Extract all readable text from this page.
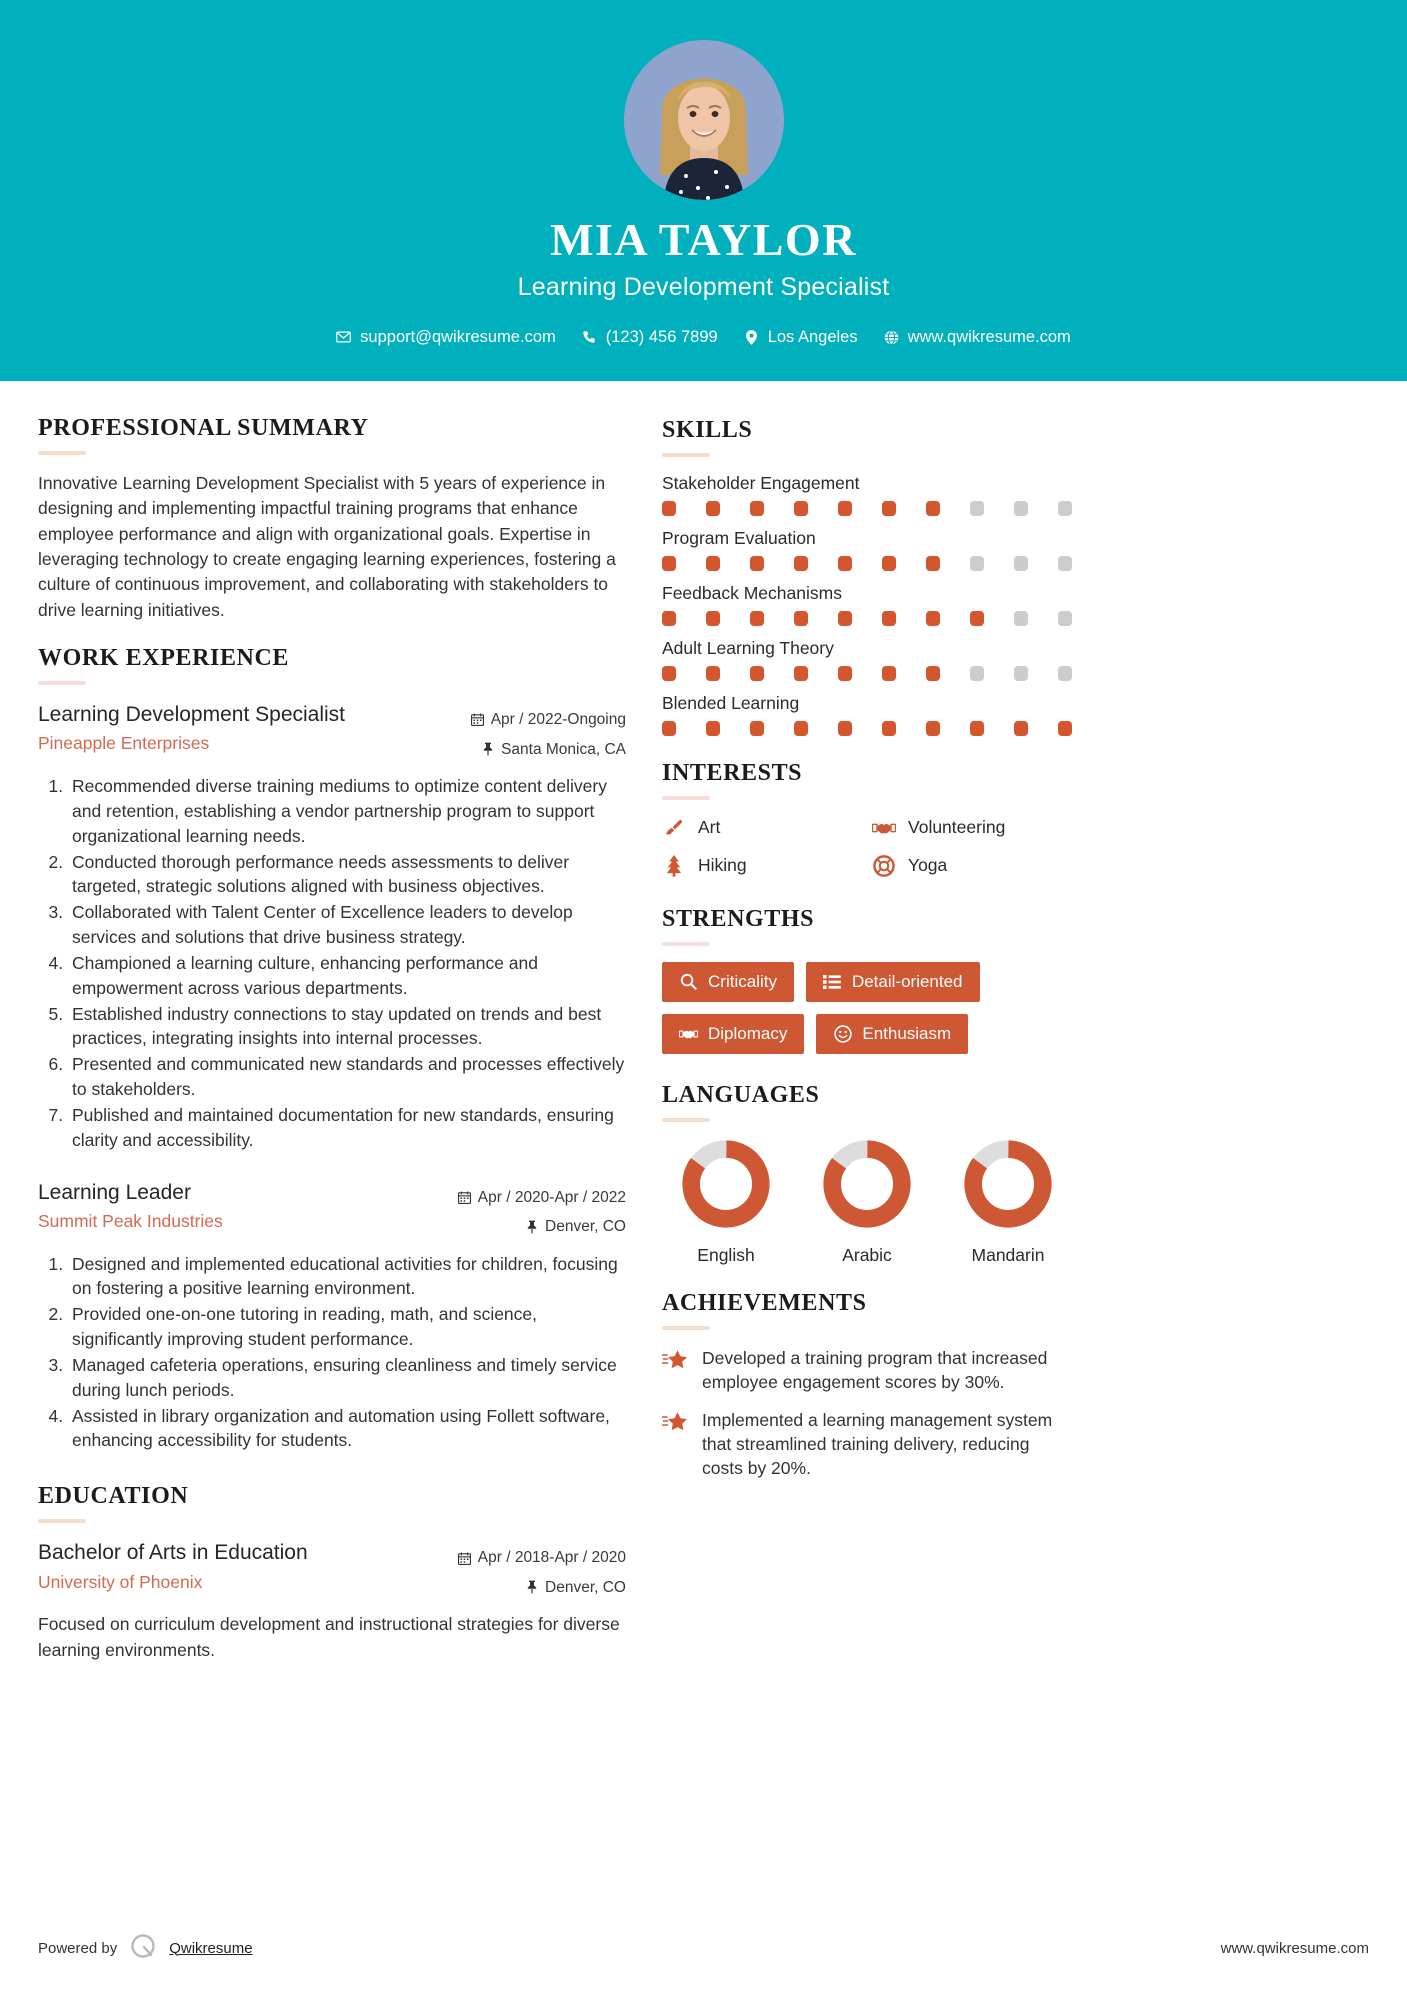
MIA TAYLOR
Learning Development Specialist
support@qwikresume.com	(123) 456 7899	Los Angeles	www.qwikresume.com
PROFESSIONAL SUMMARY
Innovative Learning Development Specialist with 5 years of experience in designing and implementing impactful training programs that enhance employee performance and align with organizational goals. Expertise in leveraging technology to create engaging learning experiences, fostering a culture of continuous improvement, and collaborating with stakeholders to drive learning initiatives.
WORK EXPERIENCE
Learning Development Specialist
Pineapple Enterprises
Apr / 2022-Ongoing
Santa Monica, CA
1. Recommended diverse training mediums to optimize content delivery and retention, establishing a vendor partnership program to support organizational learning needs.
2. Conducted thorough performance needs assessments to deliver targeted, strategic solutions aligned with business objectives.
3. Collaborated with Talent Center of Excellence leaders to develop services and solutions that drive business strategy.
4. Championed a learning culture, enhancing performance and empowerment across various departments.
5. Established industry connections to stay updated on trends and best practices, integrating insights into internal processes.
6. Presented and communicated new standards and processes effectively to stakeholders.
7. Published and maintained documentation for new standards, ensuring clarity and accessibility.
Learning Leader
Summit Peak Industries
Apr / 2020-Apr / 2022
Denver, CO
1. Designed and implemented educational activities for children, focusing on fostering a positive learning environment.
2. Provided one-on-one tutoring in reading, math, and science, significantly improving student performance.
3. Managed cafeteria operations, ensuring cleanliness and timely service during lunch periods.
4. Assisted in library organization and automation using Follett software, enhancing accessibility for students.
EDUCATION
Bachelor of Arts in Education
University of Phoenix
Apr / 2018-Apr / 2020
Denver, CO
Focused on curriculum development and instructional strategies for diverse learning environments.
SKILLS
Stakeholder Engagement
Program Evaluation
Feedback Mechanisms
Adult Learning Theory
Blended Learning
INTERESTS
Art	Volunteering
Hiking	Yoga
STRENGTHS
Criticality	Detail-oriented
Diplomacy	Enthusiasm
LANGUAGES
English	Arabic	Mandarin
ACHIEVEMENTS
Developed a training program that increased employee engagement scores by 30%.
Implemented a learning management system that streamlined training delivery, reducing costs by 20%.
Powered by	Qwikresume	www.qwikresume.com
